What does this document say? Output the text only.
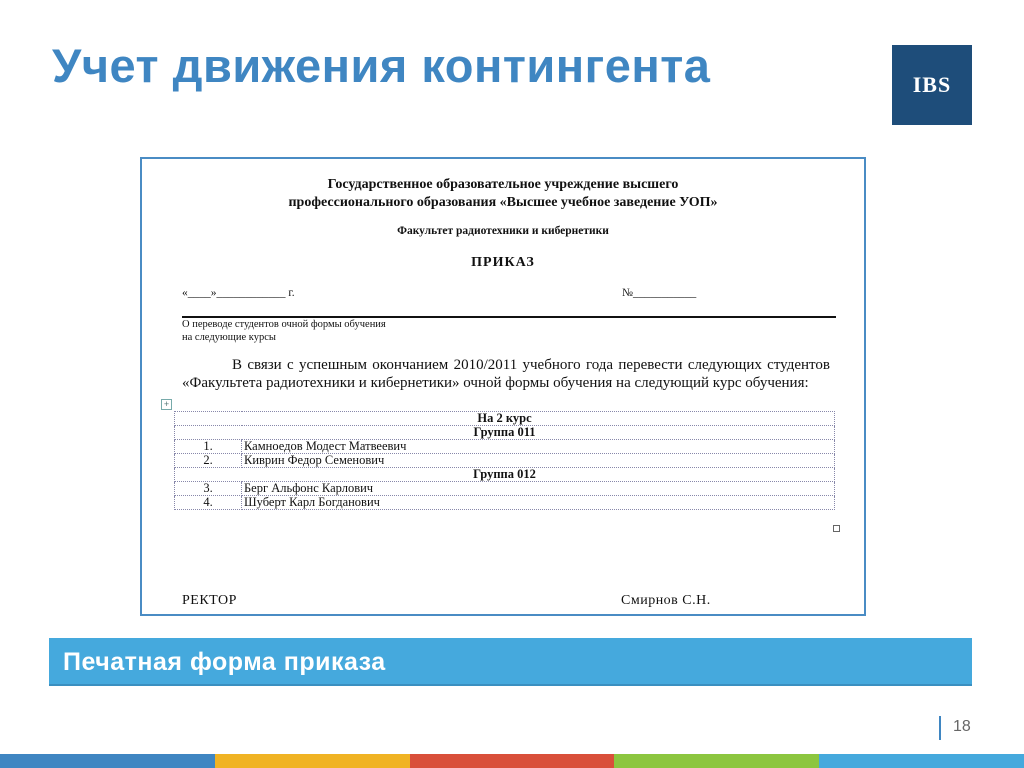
Учет движения контингента	IBS
Государственное образовательное учреждение высшего
профессионального образования «Высшее учебное заведение УОП»
Факультет радиотехники и кибернетики
ПРИКАЗ
«____»____________ г.	№___________
О переводе студентов очной формы обучения
на следующие курсы
В связи с успешным окончанием 2010/2011 учебного года перевести следующих студентов «Факультета радиотехники и кибернетики» очной формы обучения на следующий курс обучения:
+
На 2 курс	
Группа 011	
1.	Камноедов Модест Матвеевич
2.	Киврин Федор Семенович
Группа 012	
3.	Берг Альфонс Карлович
4.	Шуберт Карл Богданович
РЕКТОР	Смирнов С.Н.
Печатная форма приказа
18
